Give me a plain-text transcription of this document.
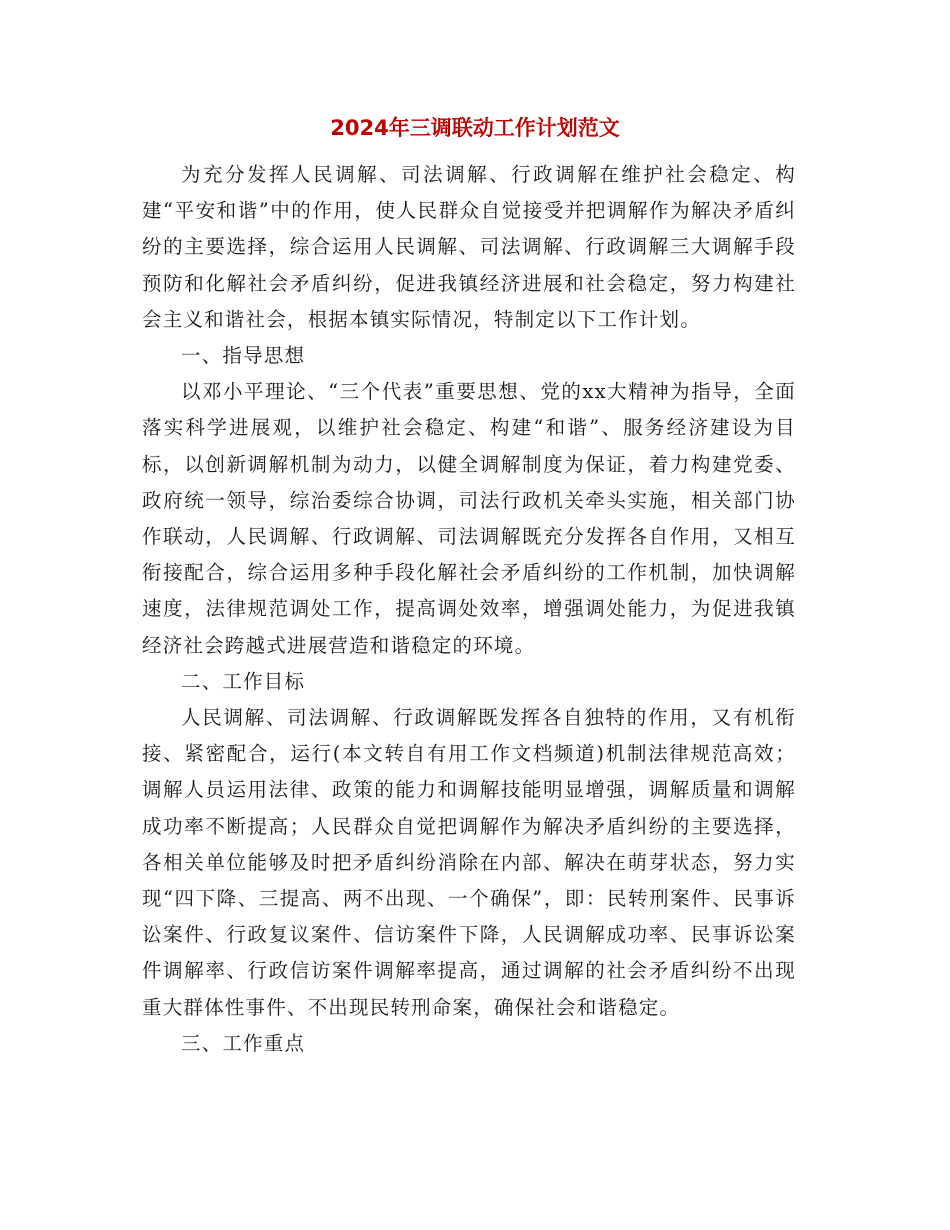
2024年三调联动工作计划范文

为充分发挥人民调解、司法调解、行政调解在维护社会稳定、构建“平安和谐”中的作用，使人民群众自觉接受并把调解作为解决矛盾纠纷的主要选择，综合运用人民调解、司法调解、行政调解三大调解手段预防和化解社会矛盾纠纷，促进我镇经济进展和社会稳定，努力构建社会主义和谐社会，根据本镇实际情况，特制定以下工作计划。

一、指导思想

以邓小平理论、“三个代表”重要思想、党的xx大精神为指导，全面落实科学进展观，以维护社会稳定、构建“和谐”、服务经济建设为目标，以创新调解机制为动力，以健全调解制度为保证，着力构建党委、政府统一领导，综治委综合协调，司法行政机关牵头实施，相关部门协作联动，人民调解、行政调解、司法调解既充分发挥各自作用，又相互衔接配合，综合运用多种手段化解社会矛盾纠纷的工作机制，加快调解速度，法律规范调处工作，提高调处效率，增强调处能力，为促进我镇经济社会跨越式进展营造和谐稳定的环境。

二、工作目标

人民调解、司法调解、行政调解既发挥各自独特的作用，又有机衔接、紧密配合，运行(本文转自有用工作文档频道)机制法律规范高效；调解人员运用法律、政策的能力和调解技能明显增强，调解质量和调解成功率不断提高；人民群众自觉把调解作为解决矛盾纠纷的主要选择，各相关单位能够及时把矛盾纠纷消除在内部、解决在萌芽状态，努力实现“四下降、三提高、两不出现、一个确保”，即：民转刑案件、民事诉讼案件、行政复议案件、信访案件下降，人民调解成功率、民事诉讼案件调解率、行政信访案件调解率提高，通过调解的社会矛盾纠纷不出现重大群体性事件、不出现民转刑命案，确保社会和谐稳定。

三、工作重点
